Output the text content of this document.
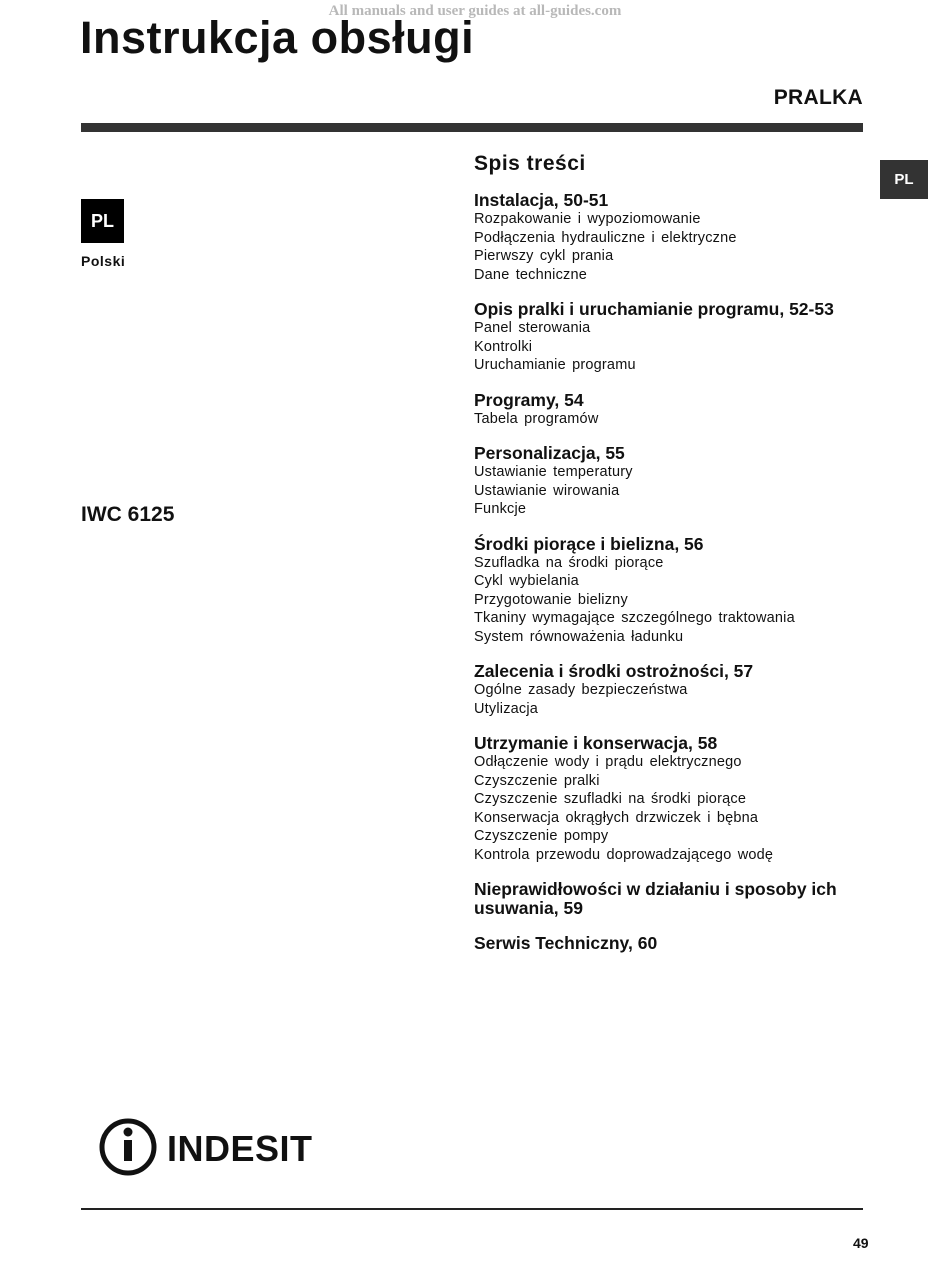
All manuals and user guides at all-guides.com
Instrukcja obsługi
PRALKA
PL
Polski
PL
IWC 6125
Spis treści
Instalacja, 50-51
Rozpakowanie i wypoziomowanie
Podłączenia hydrauliczne i elektryczne
Pierwszy cykl prania
Dane techniczne
Opis pralki i uruchamianie programu, 52-53
Panel sterowania
Kontrolki
Uruchamianie programu
Programy, 54
Tabela programów
Personalizacja, 55
Ustawianie temperatury
Ustawianie wirowania
Funkcje
Środki piorące i bielizna, 56
Szufladka na środki piorące
Cykl wybielania
Przygotowanie bielizny
Tkaniny wymagające szczególnego traktowania
System równoważenia ładunku
Zalecenia i środki ostrożności, 57
Ogólne zasady bezpieczeństwa
Utylizacja
Utrzymanie i konserwacja, 58
Odłączenie wody i prądu elektrycznego
Czyszczenie pralki
Czyszczenie szufladki na środki piorące
Konserwacja okrągłych drzwiczek i bębna
Czyszczenie pompy
Kontrola przewodu doprowadzającego wodę
Nieprawidłowości w działaniu i sposoby ich usuwania, 59
Serwis Techniczny, 60
INDESIT
49
